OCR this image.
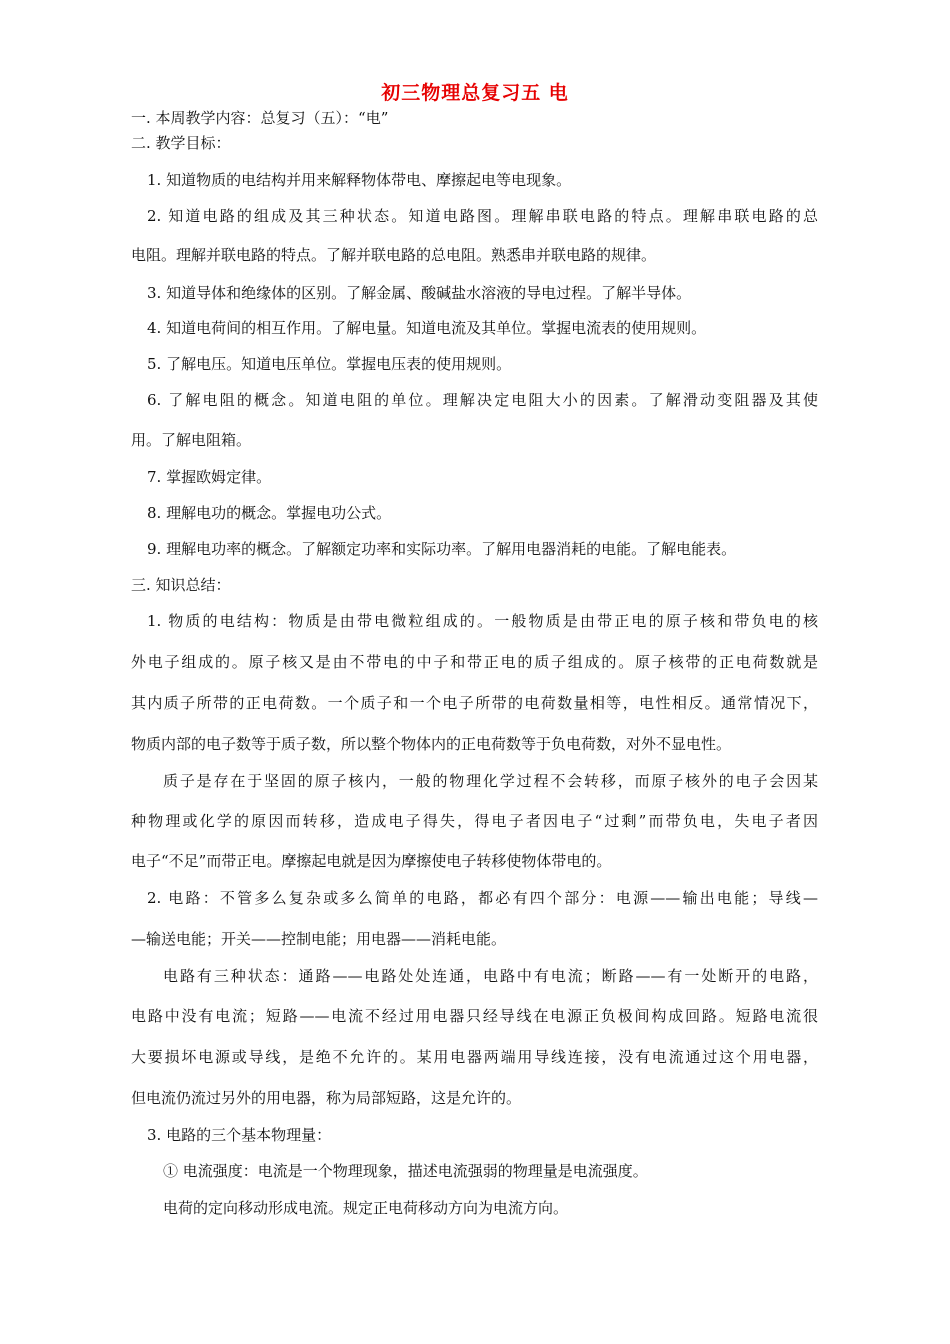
初三物理总复习五 电
一. 本周教学内容：总复习（五）：“电”
二. 教学目标：
1. 知道物质的电结构并用来解释物体带电、摩擦起电等电现象。
2. 知道电路的组成及其三种状态。知道电路图。理解串联电路的特点。理解串联电路的总
电阻。理解并联电路的特点。了解并联电路的总电阻。熟悉串并联电路的规律。
3. 知道导体和绝缘体的区别。了解金属、酸碱盐水溶液的导电过程。了解半导体。
4. 知道电荷间的相互作用。了解电量。知道电流及其单位。掌握电流表的使用规则。
5. 了解电压。知道电压单位。掌握电压表的使用规则。
6. 了解电阻的概念。知道电阻的单位。理解决定电阻大小的因素。了解滑动变阻器及其使
用。了解电阻箱。
7. 掌握欧姆定律。
8. 理解电功的概念。掌握电功公式。
9. 理解电功率的概念。了解额定功率和实际功率。了解用电器消耗的电能。了解电能表。
三. 知识总结：
1. 物质的电结构：物质是由带电微粒组成的。一般物质是由带正电的原子核和带负电的核
外电子组成的。原子核又是由不带电的中子和带正电的质子组成的。原子核带的正电荷数就是
其内质子所带的正电荷数。一个质子和一个电子所带的电荷数量相等，电性相反。通常情况下，
物质内部的电子数等于质子数，所以整个物体内的正电荷数等于负电荷数，对外不显电性。
质子是存在于坚固的原子核内，一般的物理化学过程不会转移，而原子核外的电子会因某
种物理或化学的原因而转移，造成电子得失，得电子者因电子“过剩”而带负电，失电子者因
电子“不足”而带正电。摩擦起电就是因为摩擦使电子转移使物体带电的。
2. 电路：不管多么复杂或多么简单的电路，都必有四个部分：电源——输出电能；导线—
—输送电能；开关——控制电能；用电器——消耗电能。
电路有三种状态：通路——电路处处连通，电路中有电流；断路——有一处断开的电路，
电路中没有电流；短路——电流不经过用电器只经导线在电源正负极间构成回路。短路电流很
大要损坏电源或导线，是绝不允许的。某用电器两端用导线连接，没有电流通过这个用电器，
但电流仍流过另外的用电器，称为局部短路，这是允许的。
3. 电路的三个基本物理量：
① 电流强度：电流是一个物理现象，描述电流强弱的物理量是电流强度。
电荷的定向移动形成电流。规定正电荷移动方向为电流方向。
